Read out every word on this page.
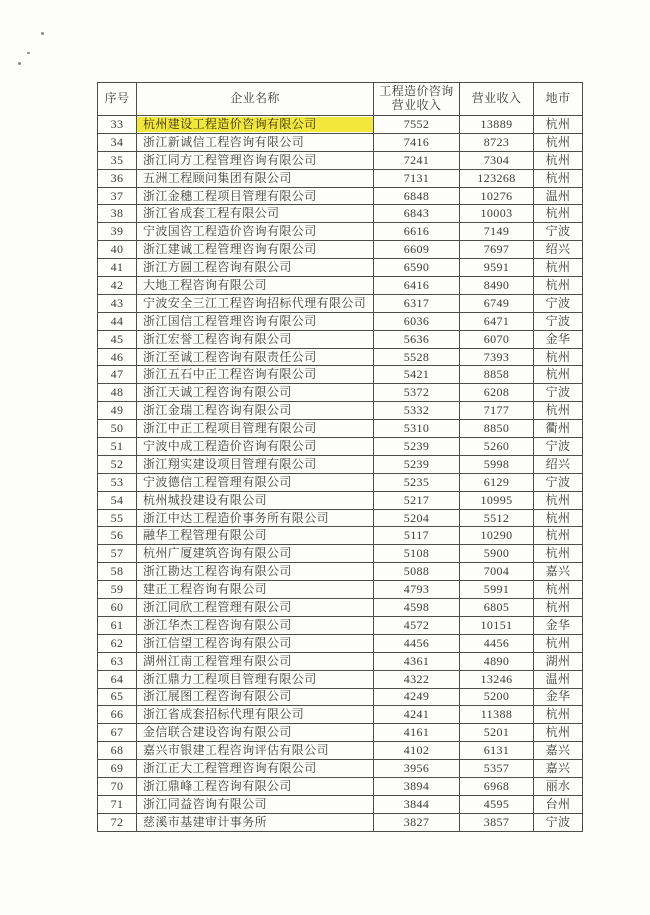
序号	企业名称	工程造价咨询营业收入	营业收入	地市
33	杭州建设工程造价咨询有限公司	7552	13889	杭州
34	浙江新诚信工程咨询有限公司	7416	8723	杭州
35	浙江同方工程管理咨询有限公司	7241	7304	杭州
36	五洲工程顾问集团有限公司	7131	123268	杭州
37	浙江金穗工程项目管理有限公司	6848	10276	温州
38	浙江省成套工程有限公司	6843	10003	杭州
39	宁波国咨工程造价咨询有限公司	6616	7149	宁波
40	浙江建诚工程管理咨询有限公司	6609	7697	绍兴
41	浙江方圆工程咨询有限公司	6590	9591	杭州
42	大地工程咨询有限公司	6416	8490	杭州
43	宁波安全三江工程咨询招标代理有限公司	6317	6749	宁波
44	浙江国信工程管理咨询有限公司	6036	6471	宁波
45	浙江宏誉工程咨询有限公司	5636	6070	金华
46	浙江至诚工程咨询有限责任公司	5528	7393	杭州
47	浙江五石中正工程咨询有限公司	5421	8858	杭州
48	浙江天诚工程咨询有限公司	5372	6208	宁波
49	浙江金瑞工程咨询有限公司	5332	7177	杭州
50	浙江中正工程项目管理有限公司	5310	8850	衢州
51	宁波中成工程造价咨询有限公司	5239	5260	宁波
52	浙江翔实建设项目管理有限公司	5239	5998	绍兴
53	宁波德信工程管理有限公司	5235	6129	宁波
54	杭州城投建设有限公司	5217	10995	杭州
55	浙江中达工程造价事务所有限公司	5204	5512	杭州
56	融华工程管理有限公司	5117	10290	杭州
57	杭州广厦建筑咨询有限公司	5108	5900	杭州
58	浙江勘达工程咨询有限公司	5088	7004	嘉兴
59	建正工程咨询有限公司	4793	5991	杭州
60	浙江同欣工程管理有限公司	4598	6805	杭州
61	浙江华杰工程咨询有限公司	4572	10151	金华
62	浙江信望工程咨询有限公司	4456	4456	杭州
63	湖州江南工程管理有限公司	4361	4890	湖州
64	浙江鼎力工程项目管理有限公司	4322	13246	温州
65	浙江展图工程咨询有限公司	4249	5200	金华
66	浙江省成套招标代理有限公司	4241	11388	杭州
67	金信联合建设咨询有限公司	4161	5201	杭州
68	嘉兴市银建工程咨询评估有限公司	4102	6131	嘉兴
69	浙江正大工程管理咨询有限公司	3956	5357	嘉兴
70	浙江鼎峰工程咨询有限公司	3894	6968	丽水
71	浙江同益咨询有限公司	3844	4595	台州
72	慈溪市基建审计事务所	3827	3857	宁波
